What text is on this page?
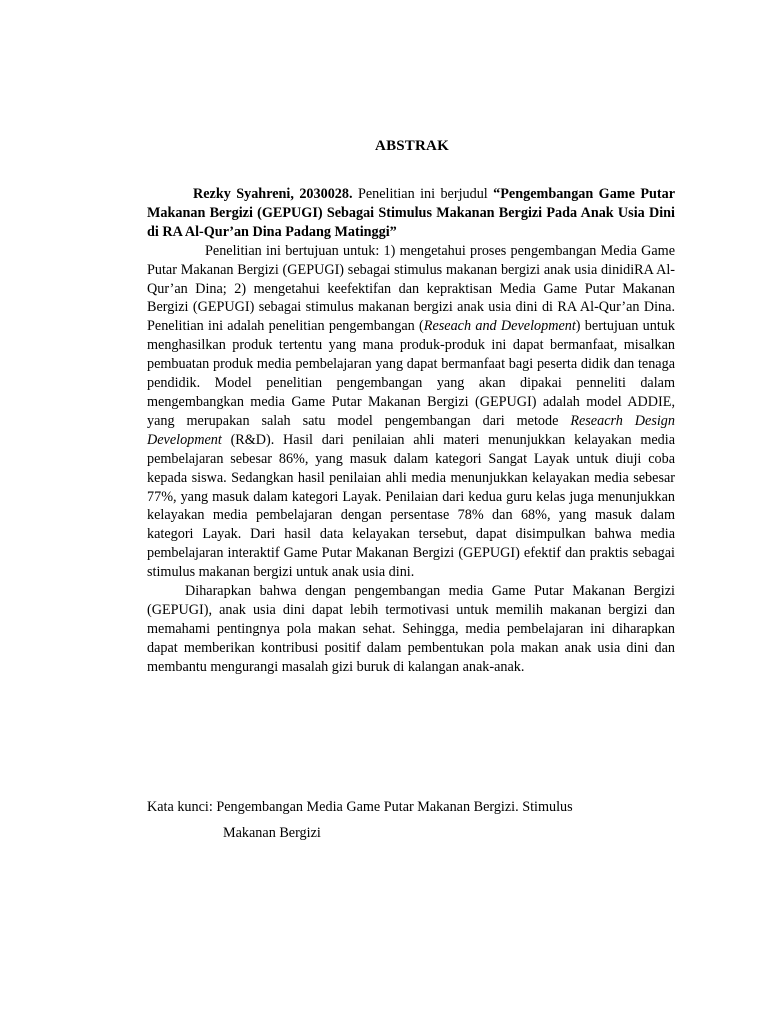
ABSTRAK

Rezky Syahreni, 2030028. Penelitian ini berjudul “Pengembangan Game Putar Makanan Bergizi (GEPUGI) Sebagai Stimulus Makanan Bergizi Pada Anak Usia Dini di RA Al-Qur’an Dina Padang Matinggi”

Penelitian ini bertujuan untuk: 1) mengetahui proses pengembangan Media Game Putar Makanan Bergizi (GEPUGI) sebagai stimulus makanan bergizi anak usia dinidiRA Al-Qur’an Dina; 2) mengetahui keefektifan dan kepraktisan Media Game Putar Makanan Bergizi (GEPUGI) sebagai stimulus makanan bergizi anak usia dini di RA Al-Qur’an Dina. Penelitian ini adalah penelitian pengembangan (Reseach and Development) bertujuan untuk menghasilkan produk tertentu yang mana produk-produk ini dapat bermanfaat, misalkan pembuatan produk media pembelajaran yang dapat bermanfaat bagi peserta didik dan tenaga pendidik. Model penelitian pengembangan yang akan dipakai penneliti dalam mengembangkan media Game Putar Makanan Bergizi (GEPUGI) adalah model ADDIE, yang merupakan salah satu model pengembangan dari metode Reseacrh Design Development (R&D). Hasil dari penilaian ahli materi menunjukkan kelayakan media pembelajaran sebesar 86%, yang masuk dalam kategori Sangat Layak untuk diuji coba kepada siswa. Sedangkan hasil penilaian ahli media menunjukkan kelayakan media sebesar 77%, yang masuk dalam kategori Layak. Penilaian dari kedua guru kelas juga menunjukkan kelayakan media pembelajaran dengan persentase 78% dan 68%, yang masuk dalam kategori Layak. Dari hasil data kelayakan tersebut, dapat disimpulkan bahwa media pembelajaran interaktif Game Putar Makanan Bergizi (GEPUGI) efektif dan praktis sebagai stimulus makanan bergizi untuk anak usia dini.

Diharapkan bahwa dengan pengembangan media Game Putar Makanan Bergizi (GEPUGI), anak usia dini dapat lebih termotivasi untuk memilih makanan bergizi dan memahami pentingnya pola makan sehat. Sehingga, media pembelajaran ini diharapkan dapat memberikan kontribusi positif dalam pembentukan pola makan anak usia dini dan membantu mengurangi masalah gizi buruk di kalangan anak-anak.

Kata kunci: Pengembangan Media Game Putar Makanan Bergizi. Stimulus
Makanan Bergizi
